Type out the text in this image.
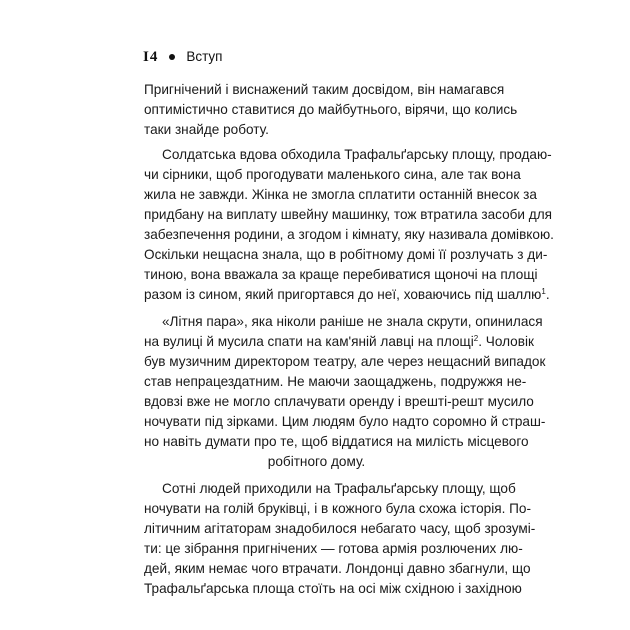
I4 Вступ
Пригнічений і виснажений таким досвідом, він намагався
оптимістично ставитися до майбутнього, вірячи, що колись
таки знайде роботу.
Солдатська вдова обходила Трафальґарську площу, продаю-
чи сірники, щоб прогодувати маленького сина, але так вона
жила не завжди. Жінка не змогла сплатити останній внесок за
придбану на виплату швейну машинку, тож втратила засоби для
забезпечення родини, а згодом і кімнату, яку називала домівкою.
Оскільки нещасна знала, що в робітному домі її розлучать з ди-
тиною, вона вважала за краще перебиватися щоночі на площі
разом із сином, який пригортався до неї, ховаючись під шаллю$^1$.
«Літня пара», яка ніколи раніше не знала скрути, опинилася
на вулиці й мусила спати на кам'яній лавці на площі$^2$. Чоловік
був музичним директором театру, але через нещасний випадок
став непрацездатним. Не маючи заощаджень, подружжя не-
вдовзі вже не могло сплачувати оренду і врешті-решт мусило
ночувати під зірками. Цим людям було надто соромно й страш-
но навіть думати про те, щоб віддатися на милість місцевого
робітного дому.
Сотні людей приходили на Трафальґарську площу, щоб
ночувати на голій бруківці, і в кожного була схожа історія. По-
літичним агітаторам знадобилося небагато часу, щоб зрозумі-
ти: це зібрання пригнічених — готова армія розлючених лю-
дей, яким немає чого втрачати. Лондонці давно збагнули, що
Трафальґарська площа стоїть на осі між східною і західною
